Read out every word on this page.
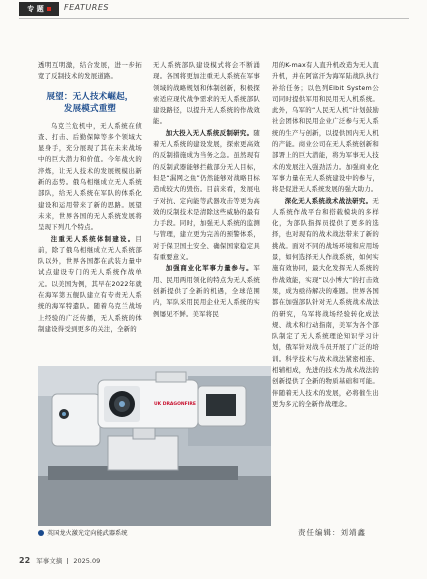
专 题	FEATURES

透明互明激，结合发展，进一步拓宽了反制技术的发展道路。

展望：无人技术崛起，
发展模式重塑

乌克兰危机中，无人系统在侦查、打击、后勤保障等多个领域大显身手，充分展现了其在未来战场中的巨大潜力和价值。今年战火的淬炼，让无人技术的发展规模出新新的态势。俄乌相继成立无人系统部队，给无人系统在军队的体系化建设和运用带来了新的思路。展望未来，世界各国的无人系统发展将呈现下列几个特点。

注重无人系统体制建设。目前，除了俄乌相继成立无人系统部队以外，世界各国都在武装力量中试点建设专门的无人系统作战单元。以美国为例，其早在2022年就在海军第五舰队建立有专责无人系统的海军特遣队。随着乌克兰战场上经验的广泛传播，无人系统的体制建设得受到更多的关注，全新的

无人系统部队建设模式将会不断涌现。各国将更加注重无人系统在军事领域的战略规划和体制创新，积极探索适应现代战争需求的无人系统部队建设路径，以提升无人系统的作战效能。

加大投入无人系统反制研究。随着无人系统的建设发展，探索更高效的反制措施成为当务之急。虽然现有的反制武器能够拦截部分无人目标，但是“漏网之鱼”仍然能够对战略目标造成较大的毁伤。目前来看，发展电子对抗、定向能等武器攻击等更为高效的反制技术是清除这些威胁的最有力手段。同时，加强无人系统的监测与管理，建立更为完善的预警体系，对于保卫国土安全、确保国家稳定具有重要意义。

加强商业化军事力量参与。军用、民用两用领化的特点为无人系统创新提供了全新的机遇，全球范围内，军队采用民用企业无人系统的实例屡见不鲜。美军将民

用的K-max有人直升机改造为无人直升机，并在阿富汗为海军陆战队执行补给任务；以色列Elbit System公司同时提供军用和民用无人机系统。此外，乌军的“人民无人机”计划鼓励社会团体和民用企业广泛参与无人系统的生产与创新，以提供国内无人机的产能。商业公司在无人系统创新和部署上的巨大潜能，将为军事无人技术的发展注入强劲活力。加强商业化军事力量在无人系统建设中的参与，将是促进无人系统发展的强大助力。

深化无人系统战术战法研究。无人系统作战平台和搭载模块的多样化，为部队指挥员提供了更多的选择，也对现有的战术战法带来了新的挑战。面对不同的战场环境和应用场景，如何选择无人作战系统，如何实施有效协同，最大化发挥无人系统的作战效能，实现“以小博大”的打击效果，成为亟待解决的难题。世界各国都在加强部队针对无人系统战术战法的研究，乌军将战场经验转化成法规、战术和行动指南，美军为各个部队制定了无人系统理论知识学习计划，俄军针对战斗员开展了广泛的培训。科学技术与战术战法紧密相连、相辅相成，先进的技术为战术战法的创新提供了全新的物质基础和可能。伴随着无人技术的发展，必将催生出更为多元的全新作战理念。

UK DRAGONFIRE
英国龙火激光定向能武器系统	责任编辑：刘靖鑫
22 军事文摘 2025.09
